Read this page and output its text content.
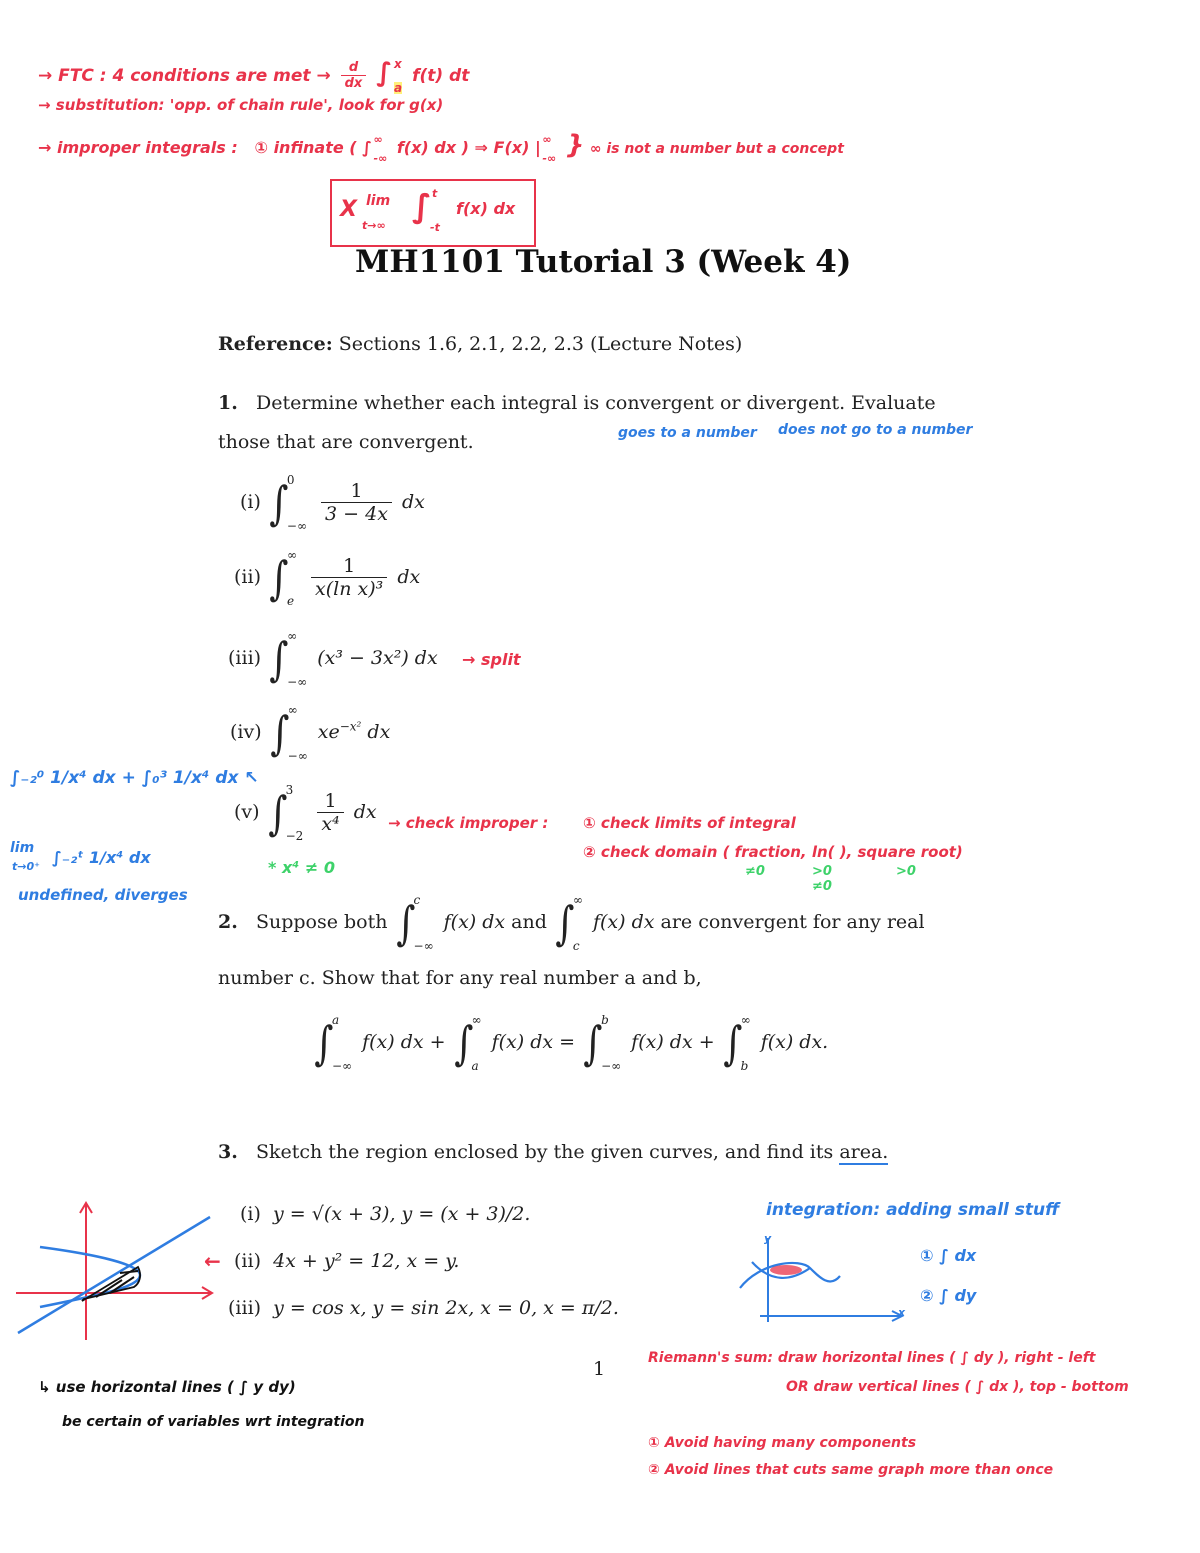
→ FTC : 4 conditions are met → $\frac{d}{dx}$ ∫ x
a
f(t) dt
→ substitution: 'opp. of chain rule', look for g(x)
→ improper integrals : ① infinate ( ∫ ∞
-∞
f(x) dx ) ⇒ F(x) | ∞
-∞ } ∞ is not a number but a concept
X lim
t→∞
∫ t
-t
f(x) dx
MH1101 Tutorial 3 (Week 4)
Reference: Sections 1.6, 2.1, 2.2, 2.3 (Lecture Notes)
1. Determine whether each integral is convergent or divergent. Evaluate
those that are convergent.	goes to a number does not go to a number
(i) ∫
0
−∞

$\frac{1}{3 - 4x}$ dx
(ii) ∫
∞
e

$\frac{1}{\text{x(ln x)³}}$ dx
(iii) ∫
∞
−∞
(x³ − 3x²) dx → split
(iv) ∫
∞
−∞
$xe^{-x^2}$ dx
(v) ∫
3
−2

$\frac{1}{\text{x⁴}}$ dx → check improper : ① check limits of integral
② check domain ( fraction, ln( ), square root)
≠0	>0
≠0
>0
* x⁴ ≠ 0
∫₋₂⁰ 1/x⁴ dx + ∫₀³ 1/x⁴ dx ↖
lim
t→0⁺ ∫₋₂ᵗ 1/x⁴ dx
undefined, diverges
2. Suppose both ∫
c
−∞
f(x) dx and ∫
∞
c
f(x) dx are convergent for any real
number c. Show that for any real number a and b,
∫
a
−∞
f(x) dx + ∫
∞
a
f(x) dx = ∫
b
−∞
f(x) dx + ∫
∞
b
f(x) dx.
3. Sketch the region enclosed by the given curves, and find its area.
(i) y = √(x + 3), y = (x + 3)/2.
(ii) 4x + y² = 12, x = y.
←
(iii) y = cos x, y = sin 2x, x = 0, x = π/2.
integration: adding small stuff
y
x
① ∫ dx
② ∫ dy
1
↳ use horizontal lines ( ∫ y dy)
be certain of variables wrt integration
Riemann's sum: draw horizontal lines ( ∫ dy ), right - left
OR draw vertical lines ( ∫ dx ), top - bottom
① Avoid having many components
② Avoid lines that cuts same graph more than once
